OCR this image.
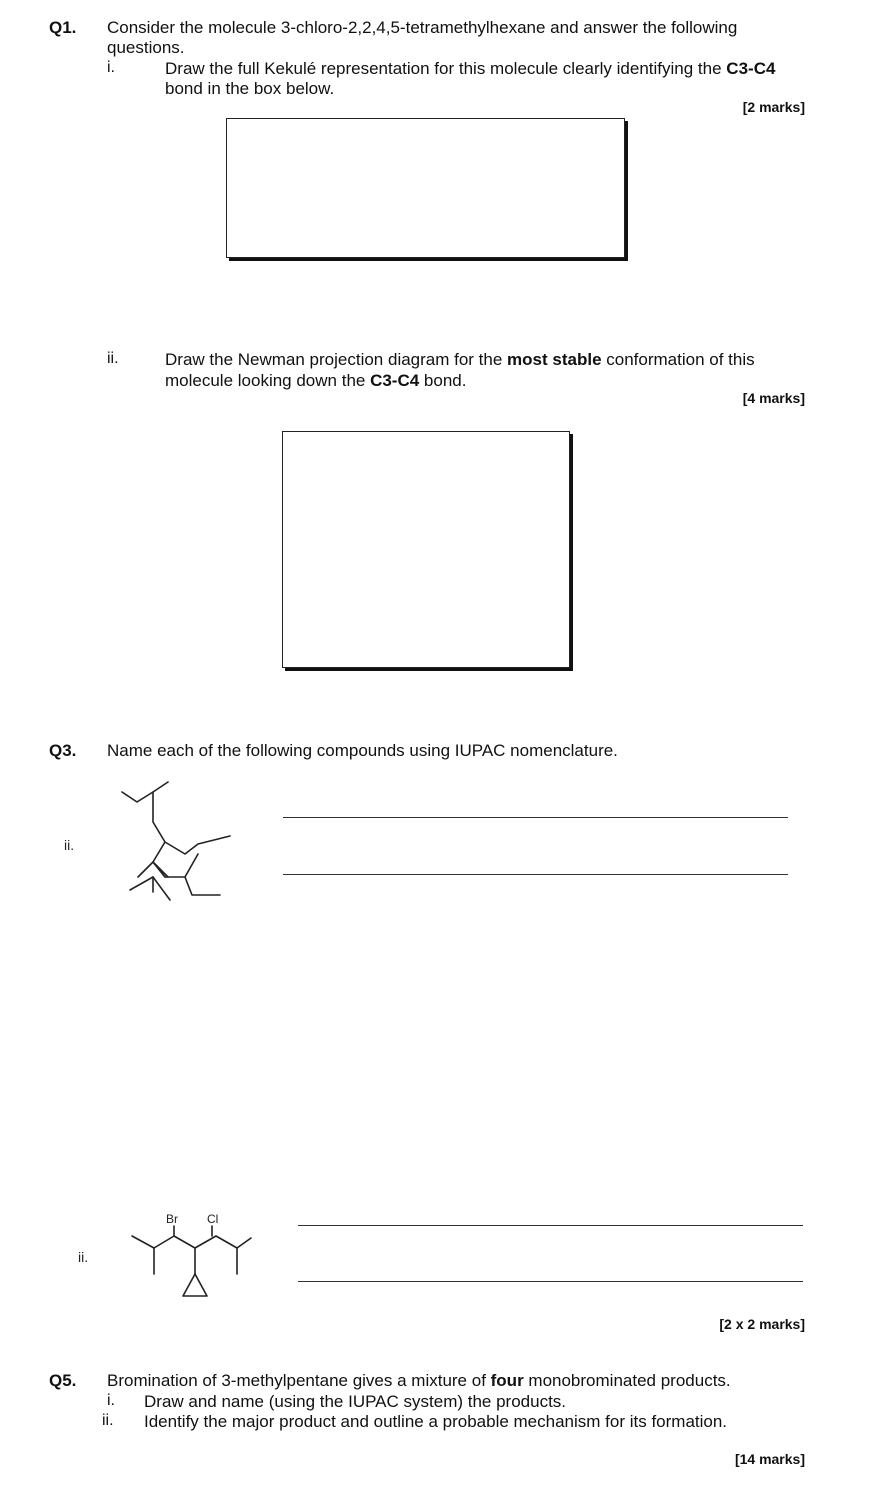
Q1. Consider the molecule 3-chloro-2,2,4,5-tetramethylhexane and answer the following
questions.
i.	Draw the full Kekulé representation for this molecule clearly identifying the C3-C4
bond in the box below.
[2 marks]
ii.	Draw the Newman projection diagram for the most stable conformation of this
molecule looking down the C3-C4 bond.
[4 marks]
Q3. Name each of the following compounds using IUPAC nomenclature.
ii.
ii.
Br Cl
[2 x 2 marks]
Q5. Bromination of 3-methylpentane gives a mixture of four monobrominated products.
i. Draw and name (using the IUPAC system) the products.
ii. Identify the major product and outline a probable mechanism for its formation.
[14 marks]
